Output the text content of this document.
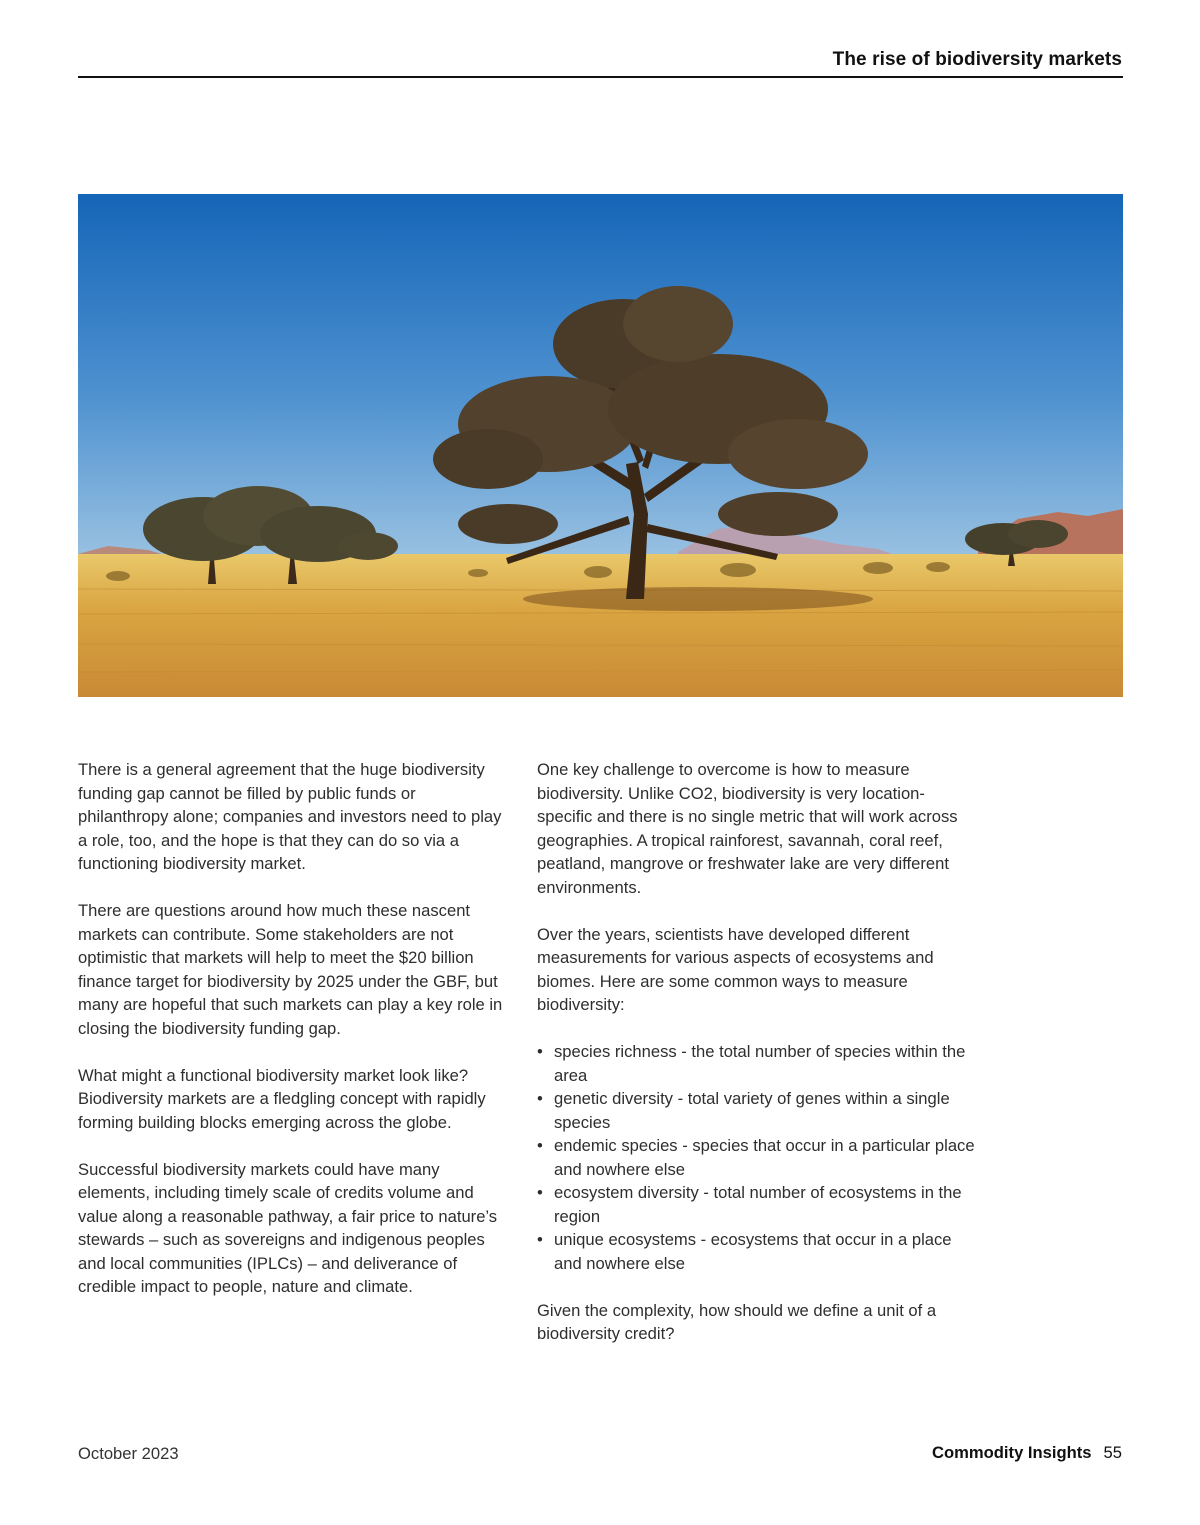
The rise of biodiversity markets

There is a general agreement that the huge biodiversity funding gap cannot be filled by public funds or philanthropy alone; companies and investors need to play a role, too, and the hope is that they can do so via a functioning biodiversity market.

There are questions around how much these nascent markets can contribute. Some stakeholders are not optimistic that markets will help to meet the $20 billion finance target for biodiversity by 2025 under the GBF, but many are hopeful that such markets can play a key role in closing the biodiversity funding gap.

What might a functional biodiversity market look like? Biodiversity markets are a fledgling concept with rapidly forming building blocks emerging across the globe.

Successful biodiversity markets could have many elements, including timely scale of credits volume and value along a reasonable pathway, a fair price to nature’s stewards – such as sovereigns and indigenous peoples and local communities (IPLCs) – and deliverance of credible impact to people, nature and climate.

One key challenge to overcome is how to measure biodiversity. Unlike CO2, biodiversity is very location-specific and there is no single metric that will work across geographies. A tropical rainforest, savannah, coral reef, peatland, mangrove or freshwater lake are very different environments.

Over the years, scientists have developed different measurements for various aspects of ecosystems and biomes. Here are some common ways to measure biodiversity:

• species richness - the total number of species within the area
• genetic diversity - total variety of genes within a single species
• endemic species - species that occur in a particular place and nowhere else
• ecosystem diversity - total number of ecosystems in the region
• unique ecosystems - ecosystems that occur in a place and nowhere else

Given the complexity, how should we define a unit of a biodiversity credit?

October 2023	Commodity Insights 55
